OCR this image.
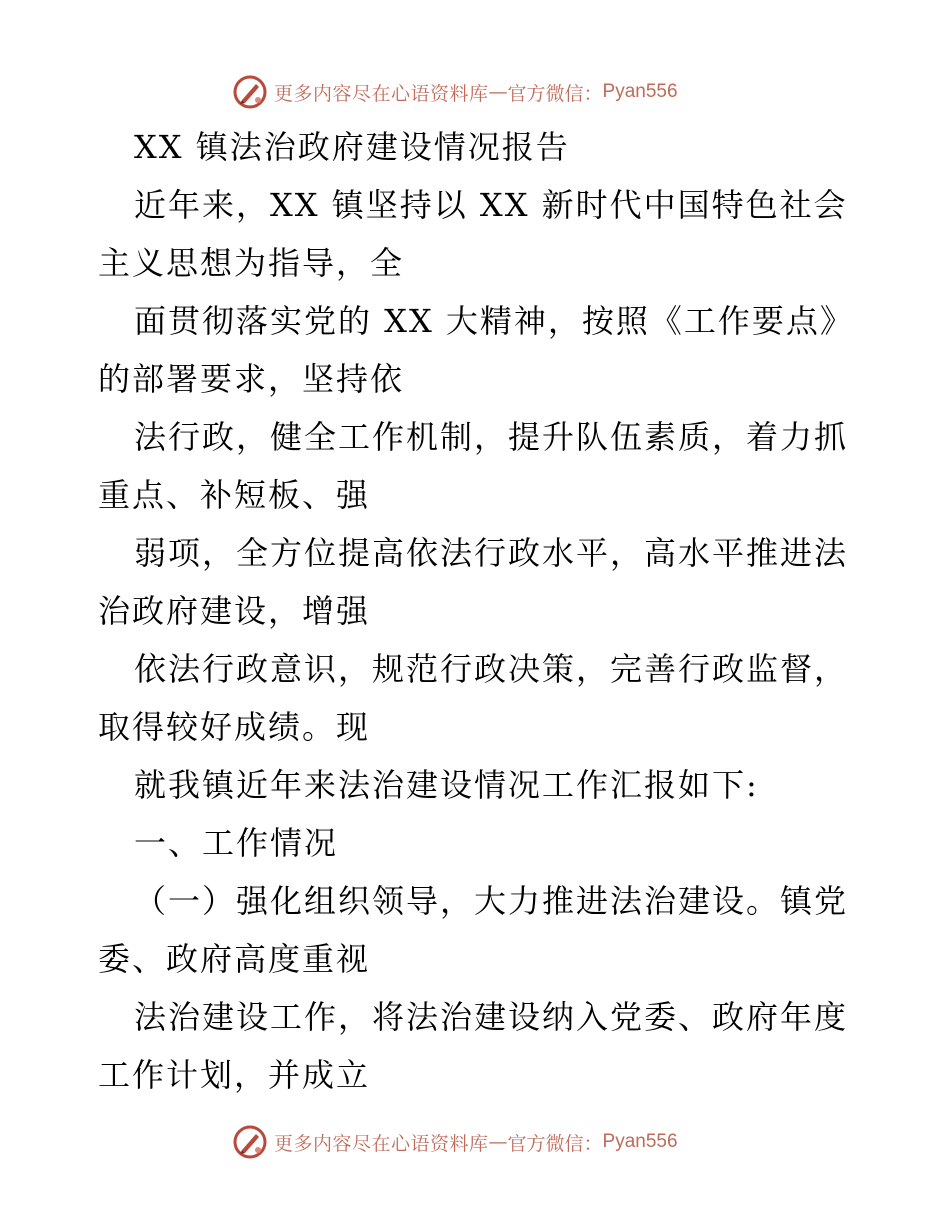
更多内容尽在心语资料库 — 官方微信： Pyan556
XX 镇法治政府建设情况报告
近年来，XX 镇坚持以 XX 新时代中国特色社会
主义思想为指导，全
面贯彻落实党的 XX 大精神，按照《工作要点》
的部署要求，坚持依
法行政，健全工作机制，提升队伍素质，着力抓
重点、补短板、强
弱项，全方位提高依法行政水平，高水平推进法
治政府建设，增强
依法行政意识，规范行政决策，完善行政监督，
取得较好成绩。现
就我镇近年来法治建设情况工作汇报如下:
一、工作情况
（一）强化组织领导，大力推进法治建设。镇党
委、政府高度重视
法治建设工作，将法治建设纳入党委、政府年度
工作计划，并成立
更多内容尽在心语资料库 — 官方微信： Pyan556
